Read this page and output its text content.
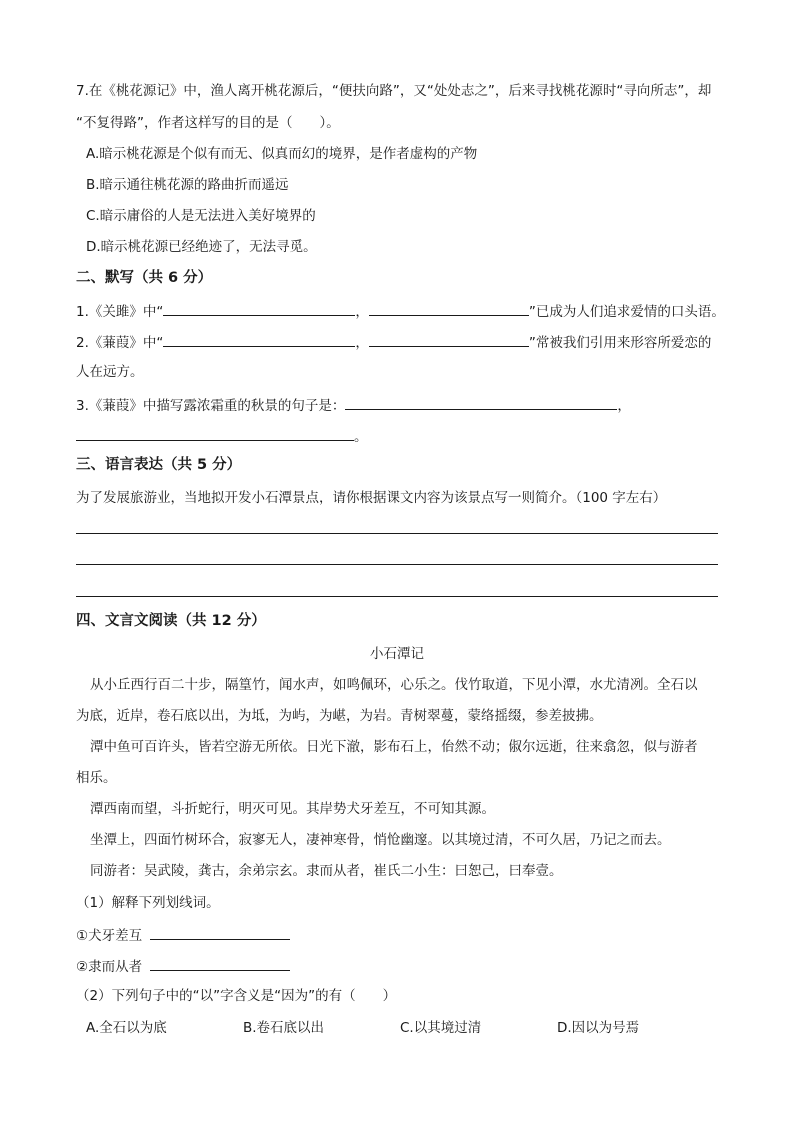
7.在《桃花源记》中，渔人离开桃花源后，“便扶向路”，又“处处志之”，后来寻找桃花源时“寻向所志”，却
“不复得路”，作者这样写的目的是（　　）。
A.暗示桃花源是个似有而无、似真而幻的境界，是作者虚构的产物
B.暗示通往桃花源的路曲折而遥远
C.暗示庸俗的人是无法进入美好境界的
D.暗示桃花源已经绝迹了，无法寻觅。
二、默写（共 6 分）
1.《关雎》中“	，	”已成为人们追求爱情的口头语。
2.《蒹葭》中“	，	”常被我们引用来形容所爱恋的
人在远方。
3.《蒹葭》中描写露浓霜重的秋景的句子是：	，
。
三、语言表达（共 5 分）
为了发展旅游业，当地拟开发小石潭景点，请你根据课文内容为该景点写一则简介。（100 字左右）
四、文言文阅读（共 12 分）
小石潭记
从小丘西行百二十步，隔篁竹，闻水声，如鸣佩环，心乐之。伐竹取道，下见小潭，水尤清冽。全石以
为底，近岸，卷石底以出，为坻，为屿，为嵁，为岩。青树翠蔓，蒙络摇缀，参差披拂。
潭中鱼可百许头，皆若空游无所依。日光下澈，影布石上，佁然不动；俶尔远逝，往来翕忽，似与游者
相乐。
潭西南而望，斗折蛇行，明灭可见。其岸势犬牙差互，不可知其源。
坐潭上，四面竹树环合，寂寥无人，凄神寒骨，悄怆幽邃。以其境过清，不可久居，乃记之而去。
同游者：吴武陵，龚古，余弟宗玄。隶而从者，崔氏二小生：曰恕己，曰奉壹。
（1）解释下列划线词。
①犬牙差互
②隶而从者
（2）下列句子中的“以”字含义是“因为”的有（　　）
A.全石以为底	B.卷石底以出	C.以其境过清	D.因以为号焉
